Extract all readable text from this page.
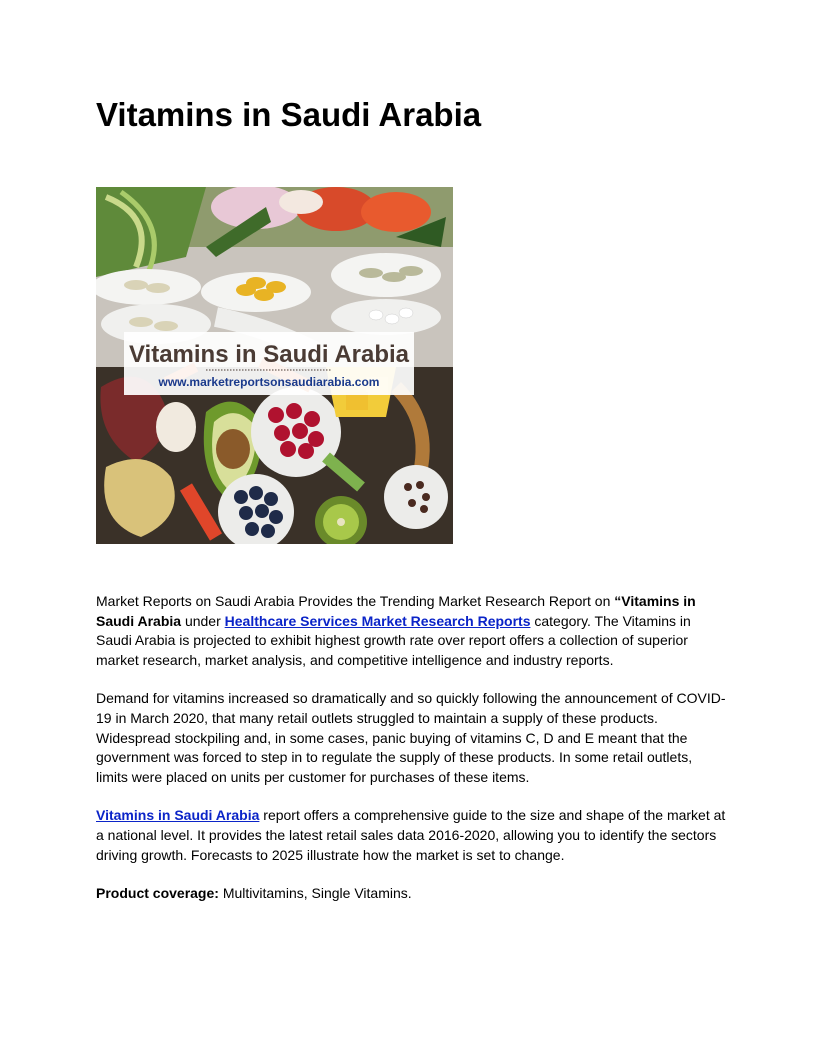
Vitamins in Saudi Arabia
Vitamins in Saudi Arabia
www.marketreportsonsaudiarabia.com

Market Reports on Saudi Arabia Provides the Trending Market Research Report on “Vitamins in Saudi Arabia under Healthcare Services Market Research Reports category. The Vitamins in Saudi Arabia is projected to exhibit highest growth rate over report offers a collection of superior market research, market analysis, and competitive intelligence and industry reports.

Demand for vitamins increased so dramatically and so quickly following the announcement of COVID-19 in March 2020, that many retail outlets struggled to maintain a supply of these products. Widespread stockpiling and, in some cases, panic buying of vitamins C, D and E meant that the government was forced to step in to regulate the supply of these products. In some retail outlets, limits were placed on units per customer for purchases of these items.

Vitamins in Saudi Arabia report offers a comprehensive guide to the size and shape of the market at a national level. It provides the latest retail sales data 2016-2020, allowing you to identify the sectors driving growth. Forecasts to 2025 illustrate how the market is set to change.

Product coverage: Multivitamins, Single Vitamins.
